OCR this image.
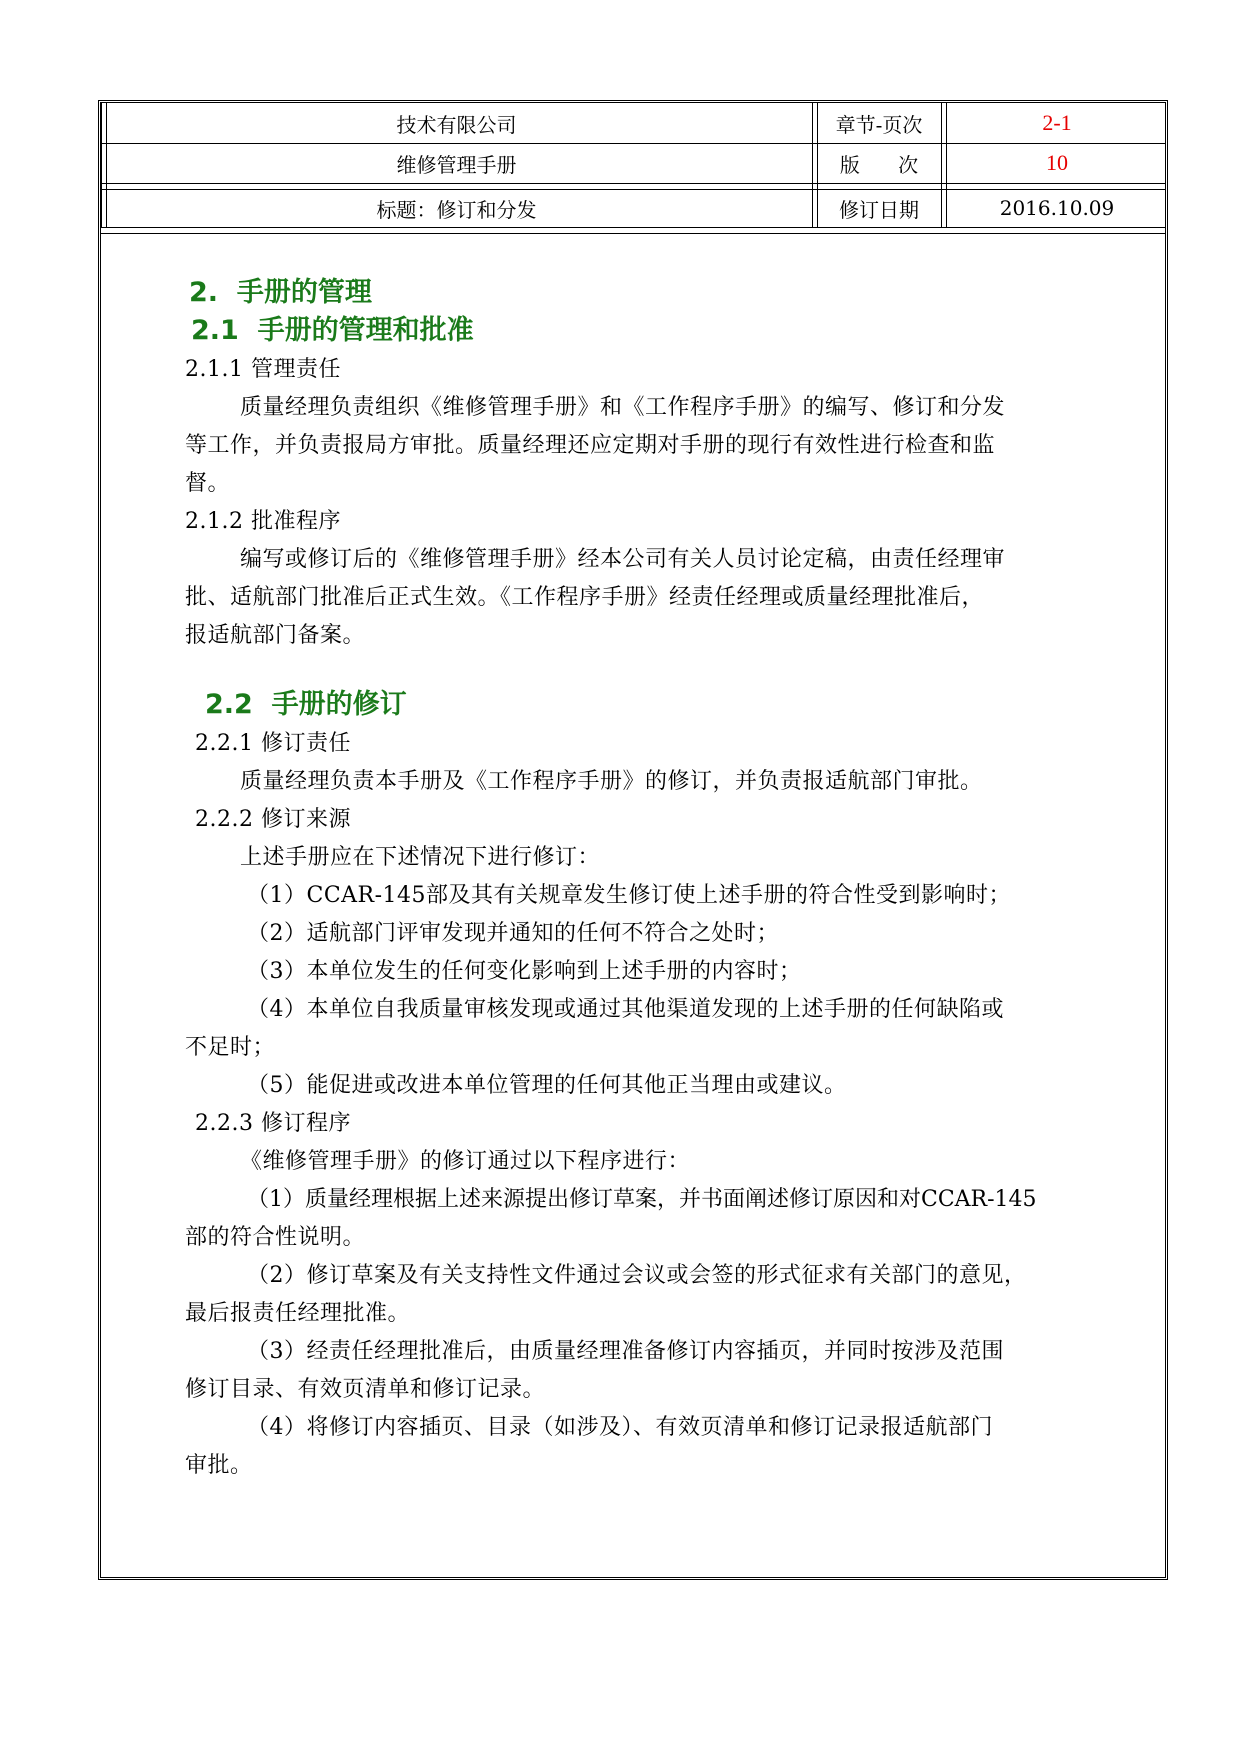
技术有限公司
维修管理手册
标题：修订和分发
章节-页次
版      次
修订日期
2-1
10
2016.10.09
2.  手册的管理
2.1  手册的管理和批准
2.1.1 管理责任
质量经理负责组织《维修管理手册》和《工作程序手册》的编写、修订和分发
等工作，并负责报局方审批。质量经理还应定期对手册的现行有效性进行检查和监
督。
2.1.2 批准程序
编写或修订后的《维修管理手册》经本公司有关人员讨论定稿，由责任经理审
批、适航部门批准后正式生效。《工作程序手册》经责任经理或质量经理批准后，
报适航部门备案。
2.2  手册的修订
2.2.1 修订责任
质量经理负责本手册及《工作程序手册》的修订，并负责报适航部门审批。
2.2.2 修订来源
上述手册应在下述情况下进行修订：
（1）CCAR-145部及其有关规章发生修订使上述手册的符合性受到影响时；
（2）适航部门评审发现并通知的任何不符合之处时；
（3）本单位发生的任何变化影响到上述手册的内容时；
（4）本单位自我质量审核发现或通过其他渠道发现的上述手册的任何缺陷或
不足时；
（5）能促进或改进本单位管理的任何其他正当理由或建议。
2.2.3 修订程序
《维修管理手册》的修订通过以下程序进行：
（1）质量经理根据上述来源提出修订草案，并书面阐述修订原因和对CCAR-145
部的符合性说明。
（2）修订草案及有关支持性文件通过会议或会签的形式征求有关部门的意见，
最后报责任经理批准。
（3）经责任经理批准后，由质量经理准备修订内容插页，并同时按涉及范围
修订目录、有效页清单和修订记录。
（4）将修订内容插页、目录（如涉及）、有效页清单和修订记录报适航部门
审批。
